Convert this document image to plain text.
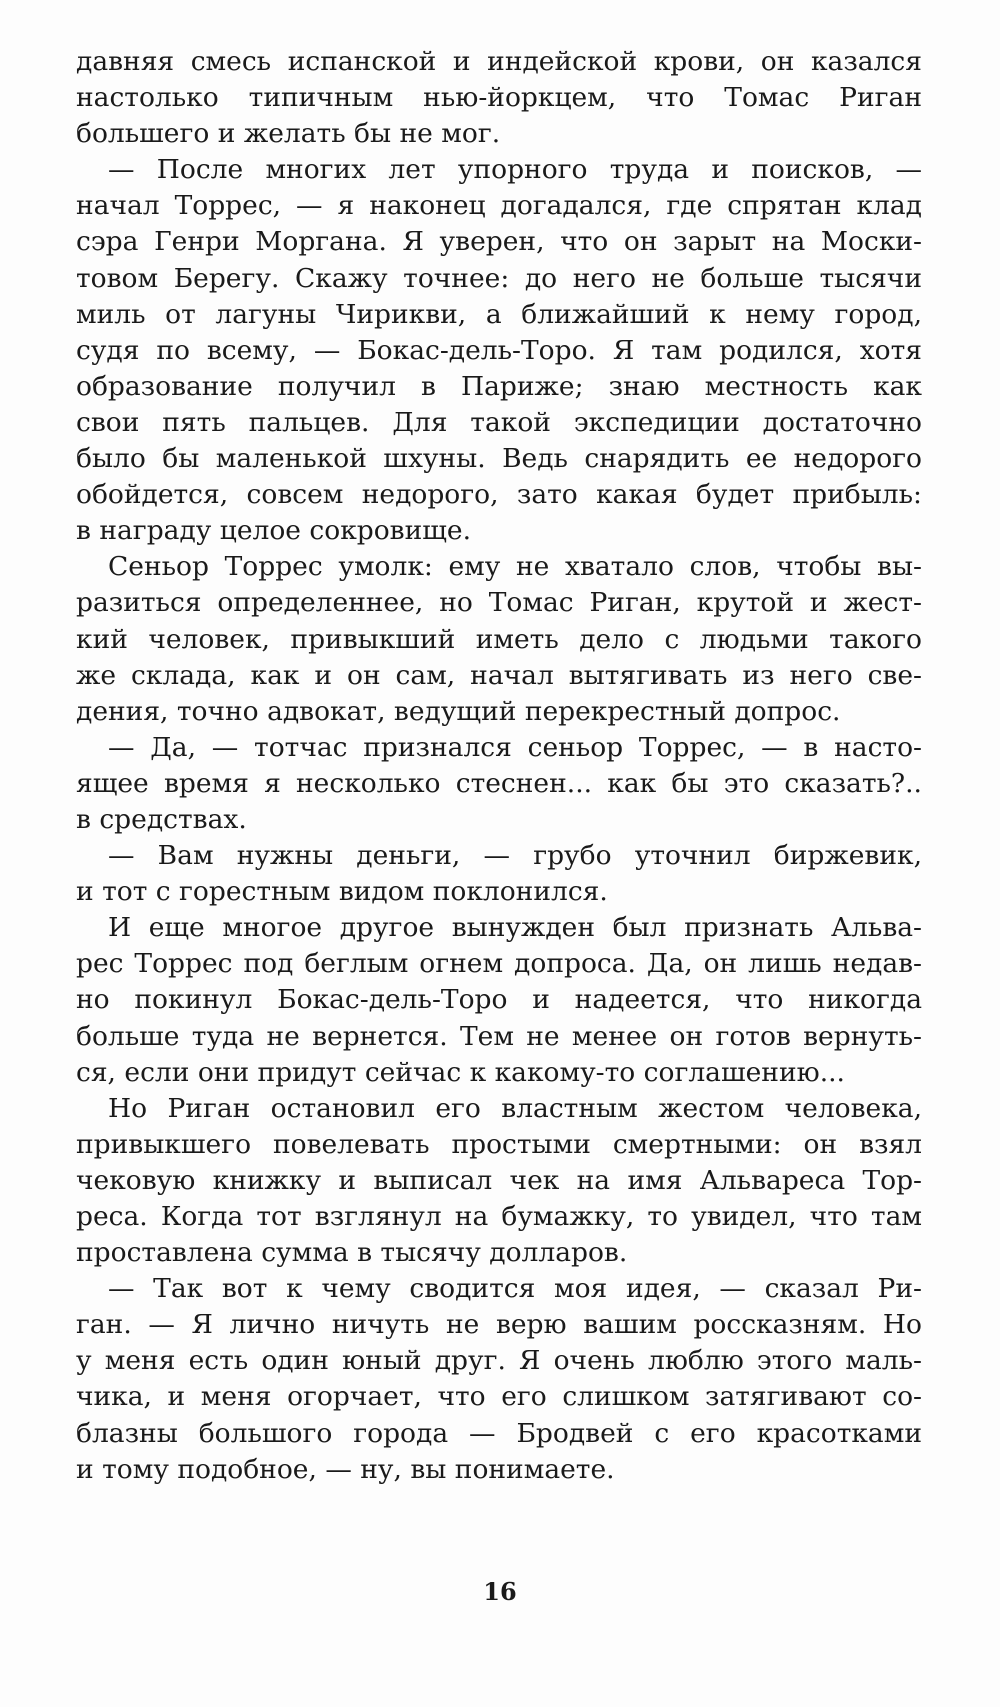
давняя смесь испанской и индейской крови, он казался
настолько типичным нью-йоркцем, что Томас Риган
большего и желать бы не мог.
— После многих лет упорного труда и поисков, —
начал Торрес, — я наконец догадался, где спрятан клад
сэра Генри Моргана. Я уверен, что он зарыт на Моски-
товом Берегу. Скажу точнее: до него не больше тысячи
миль от лагуны Чирикви, а ближайший к нему город,
судя по всему, — Бокас-дель-Торо. Я там родился, хотя
образование получил в Париже; знаю местность как
свои пять пальцев. Для такой экспедиции достаточно
было бы маленькой шхуны. Ведь снарядить ее недорого
обойдется, совсем недорого, зато какая будет прибыль:
в награду целое сокровище.
Сеньор Торрес умолк: ему не хватало слов, чтобы вы-
разиться определеннее, но Томас Риган, крутой и жест-
кий человек, привыкший иметь дело с людьми такого
же склада, как и он сам, начал вытягивать из него све-
дения, точно адвокат, ведущий перекрестный допрос.
— Да, — тотчас признался сеньор Торрес, — в насто-
ящее время я несколько стеснен... как бы это сказать?..
в средствах.
— Вам нужны деньги, — грубо уточнил биржевик,
и тот с горестным видом поклонился.
И еще многое другое вынужден был признать Альва-
рес Торрес под беглым огнем допроса. Да, он лишь недав-
но покинул Бокас-дель-Торо и надеется, что никогда
больше туда не вернется. Тем не менее он готов вернуть-
ся, если они придут сейчас к какому-то соглашению...
Но Риган остановил его властным жестом человека,
привыкшего повелевать простыми смертными: он взял
чековую книжку и выписал чек на имя Альвареса Тор-
реса. Когда тот взглянул на бумажку, то увидел, что там
проставлена сумма в тысячу долларов.
— Так вот к чему сводится моя идея, — сказал Ри-
ган. — Я лично ничуть не верю вашим россказням. Но
у меня есть один юный друг. Я очень люблю этого маль-
чика, и меня огорчает, что его слишком затягивают со-
блазны большого города — Бродвей с его красотками
и тому подобное, — ну, вы понимаете.
16
